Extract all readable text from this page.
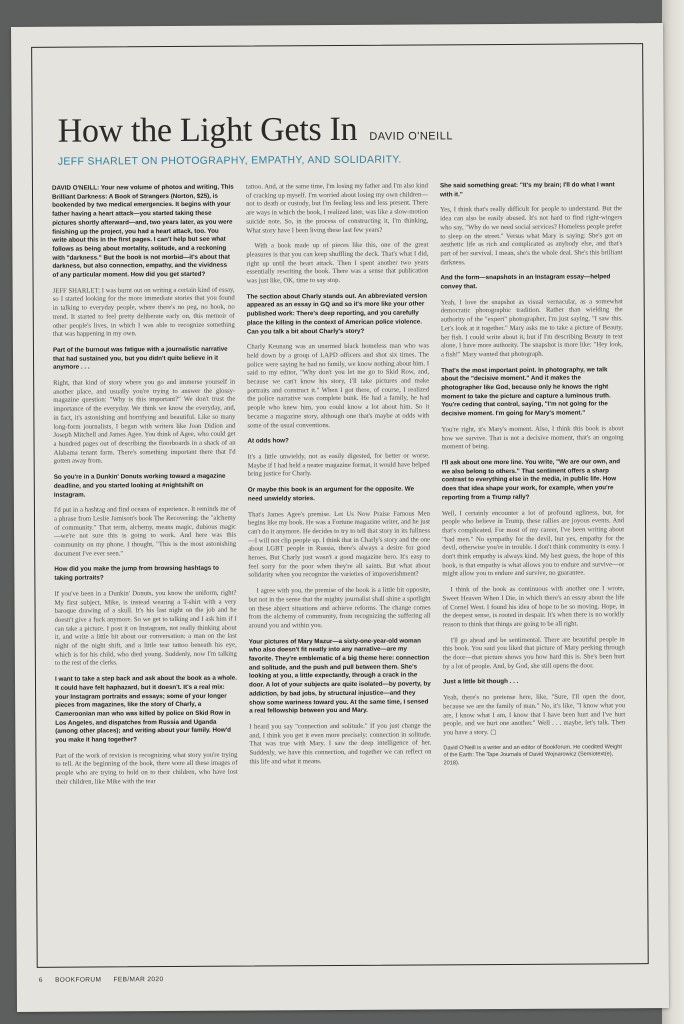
How the Light Gets In DAVID O'NEILL
JEFF SHARLET ON PHOTOGRAPHY, EMPATHY, AND SOLIDARITY.

DAVID O'NEILL: Your new volume of photos and writing, This Brilliant Darkness: A Book of Strangers (Norton, $25), is bookended by two medical emergencies. It begins with your father having a heart attack—you started taking these pictures shortly afterward—and, two years later, as you were finishing up the project, you had a heart attack, too. You write about this in the first pages. I can't help but see what follows as being about mortality, solitude, and a reckoning with "darkness." But the book is not morbid—it's about that darkness, but also connection, empathy, and the vividness of any particular moment. How did you get started?

JEFF SHARLET: I was burnt out on writing a certain kind of essay, so I started looking for the more immediate stories that you found in talking to everyday people, where there's no peg, no hook, no trend. It started to feel pretty deliberate early on, this memoir of other people's lives, in which I was able to recognize something that was happening in my own.

Part of the burnout was fatigue with a journalistic narrative that had sustained you, but you didn't quite believe in it anymore . . .

Right, that kind of story where you go and immerse yourself in another place, and usually you're trying to answer the glossy-magazine question: "Why is this important?" We don't trust the importance of the everyday. We think we know the everyday, and, in fact, it's astonishing and horrifying and beautiful. Like so many long-form journalists, I began with writers like Joan Didion and Joseph Mitchell and James Agee. You think of Agee, who could get a hundred pages out of describing the floorboards in a shack of an Alabama tenant farm. There's something important there that I'd gotten away from.

So you're in a Dunkin' Donuts working toward a magazine deadline, and you started looking at #nightshift on Instagram.

I'd put in a hashtag and find oceans of experience. It reminds me of a phrase from Leslie Jamison's book The Recovering: the "alchemy of community." That term, alchemy, means magic, dubious magic—we're not sure this is going to work. And here was this community on my phone. I thought, "This is the most astonishing document I've ever seen."

How did you make the jump from browsing hashtags to taking portraits?

If you've been in a Dunkin' Donuts, you know the uniform, right? My first subject, Mike, is instead wearing a T-shirt with a very baroque drawing of a skull. It's his last night on the job and he doesn't give a fuck anymore. So we get to talking and I ask him if I can take a picture. I post it on Instagram, not really thinking about it, and write a little bit about our conversation: a man on the last night of the night shift, and a little tear tattoo beneath his eye, which is for his child, who died young. Suddenly, now I'm talking to the rest of the clerks.

I want to take a step back and ask about the book as a whole. It could have felt haphazard, but it doesn't. It's a real mix: your Instagram portraits and essays; some of your longer pieces from magazines, like the story of Charly, a Cameroonian man who was killed by police on Skid Row in Los Angeles, and dispatches from Russia and Uganda (among other places); and writing about your family. How'd you make it hang together?

Part of the work of revision is recognizing what story you're trying to tell. At the beginning of the book, there were all these images of people who are trying to hold on to their children, who have lost their children, like Mike with the tear

tattoo. And, at the same time, I'm losing my father and I'm also kind of cracking up myself. I'm worried about losing my own children—not to death or custody, but I'm feeling less and less present. There are ways in which the book, I realized later, was like a slow-motion suicide note. So, in the process of constructing it, I'm thinking, What story have I been living these last few years?

With a book made up of pieces like this, one of the great pleasures is that you can keep shuffling the deck. That's what I did, right up until the heart attack. Then I spent another two years essentially rewriting the book. There was a sense that publication was just like, OK, time to say stop.

The section about Charly stands out. An abbreviated version appeared as an essay in GQ and so it's more like your other published work: There's deep reporting, and you carefully place the killing in the context of American police violence. Can you talk a bit about Charly's story?

Charly Keunang was an unarmed black homeless man who was held down by a group of LAPD officers and shot six times. The police were saying he had no family, we know nothing about him. I said to my editor, "Why don't you let me go to Skid Row, and, because we can't know his story, I'll take pictures and make portraits and construct it." When I got there, of course, I realized the police narrative was complete bunk. He had a family, he had people who knew him, you could know a lot about him. So it became a magazine story, although one that's maybe at odds with some of the usual conventions.

At odds how?

It's a little unwieldy, not as easily digested, for better or worse. Maybe if I had held a neater magazine format, it would have helped bring justice for Charly.

Or maybe this book is an argument for the opposite. We need unwieldy stories.

That's James Agee's premise. Let Us Now Praise Famous Men begins like my book. He was a Fortune magazine writer, and he just can't do it anymore. He decides to try to tell that story in its fullness—I will not clip people up. I think that in Charly's story and the one about LGBT people in Russia, there's always a desire for good heroes. But Charly just wasn't a good magazine hero. It's easy to feel sorry for the poor when they're all saints. But what about solidarity when you recognize the varieties of impoverishment?

I agree with you, the premise of the book is a little bit opposite, but not in the sense that the mighty journalist shall shine a spotlight on these abject situations and achieve reforms. The change comes from the alchemy of community, from recognizing the suffering all around you and within you.

Your pictures of Mary Mazur—a sixty-one-year-old woman who also doesn't fit neatly into any narrative—are my favorite. They're emblematic of a big theme here: connection and solitude, and the push and pull between them. She's looking at you, a little expectantly, through a crack in the door. A lot of your subjects are quite isolated—by poverty, by addiction, by bad jobs, by structural injustice—and they show some wariness toward you. At the same time, I sensed a real fellowship between you and Mary.

I heard you say "connection and solitude." If you just change the and, I think you get it even more precisely: connection in solitude. That was true with Mary. I saw the deep intelligence of her. Suddenly, we have this connection, and together we can reflect on this life and what it means.

She said something great: "It's my brain; I'll do what I want with it."

Yes, I think that's really difficult for people to understand. But the idea can also be easily abused. It's not hard to find right-wingers who say, "Why do we need social services? Homeless people prefer to sleep on the street." Versus what Mary is saying: She's got an aesthetic life as rich and complicated as anybody else, and that's part of her survival. I mean, she's the whole deal. She's this brilliant darkness.

And the form—snapshots in an Instagram essay—helped convey that.

Yeah, I love the snapshot as visual vernacular, as a somewhat democratic photographic tradition. Rather than wielding the authority of the "expert" photographer, I'm just saying, "I saw this. Let's look at it together." Mary asks me to take a picture of Beauty, her fish. I could write about it, but if I'm describing Beauty in text alone, I have more authority. The snapshot is more like: "Hey look, a fish!" Mary wanted that photograph.

That's the most important point. In photography, we talk about the "decisive moment." And it makes the photographer like God, because only he knows the right moment to take the picture and capture a luminous truth. You're ceding that control, saying, "I'm not going for the decisive moment. I'm going for Mary's moment."

You're right, it's Mary's moment. Also, I think this book is about how we survive. That is not a decisive moment, that's an ongoing moment of being.

I'll ask about one more line. You write, "We are our own, and we also belong to others." That sentiment offers a sharp contrast to everything else in the media, in public life. How does that idea shape your work, for example, when you're reporting from a Trump rally?

Well, I certainly encounter a lot of profound ugliness, but, for people who believe in Trump, these rallies are joyous events. And that's complicated. For most of my career, I've been writing about "bad men." No sympathy for the devil, but yes, empathy for the devil, otherwise you're in trouble. I don't think community is easy. I don't think empathy is always kind. My best guess, the hope of this book, is that empathy is what allows you to endure and survive—or might allow you to endure and survive, no guarantee.

I think of the book as continuous with another one I wrote, Sweet Heaven When I Die, in which there's an essay about the life of Cornel West. I found his idea of hope to be so moving. Hope, in the deepest sense, is rooted in despair. It's when there is no worldly reason to think that things are going to be all right.

I'll go ahead and be sentimental. There are beautiful people in this book. You said you liked that picture of Mary peeking through the door—that picture shows you how hard this is. She's been hurt by a lot of people. And, by God, she still opens the door.

Just a little bit though . . .

Yeah, there's no pretense here, like, "Sure, I'll open the door, because we are the family of man." No, it's like, "I know what you are, I know what I am, I know that I have been hurt and I've hurt people, and we hurt one another." Well . . . maybe, let's talk. Then you have a story. ▢

David O'Neill is a writer and an editor of Bookforum. He coedited Weight of the Earth: The Tape Journals of David Wojnarowicz (Semiotext(e), 2018).

6 BOOKFORUM FEB/MAR 2020
